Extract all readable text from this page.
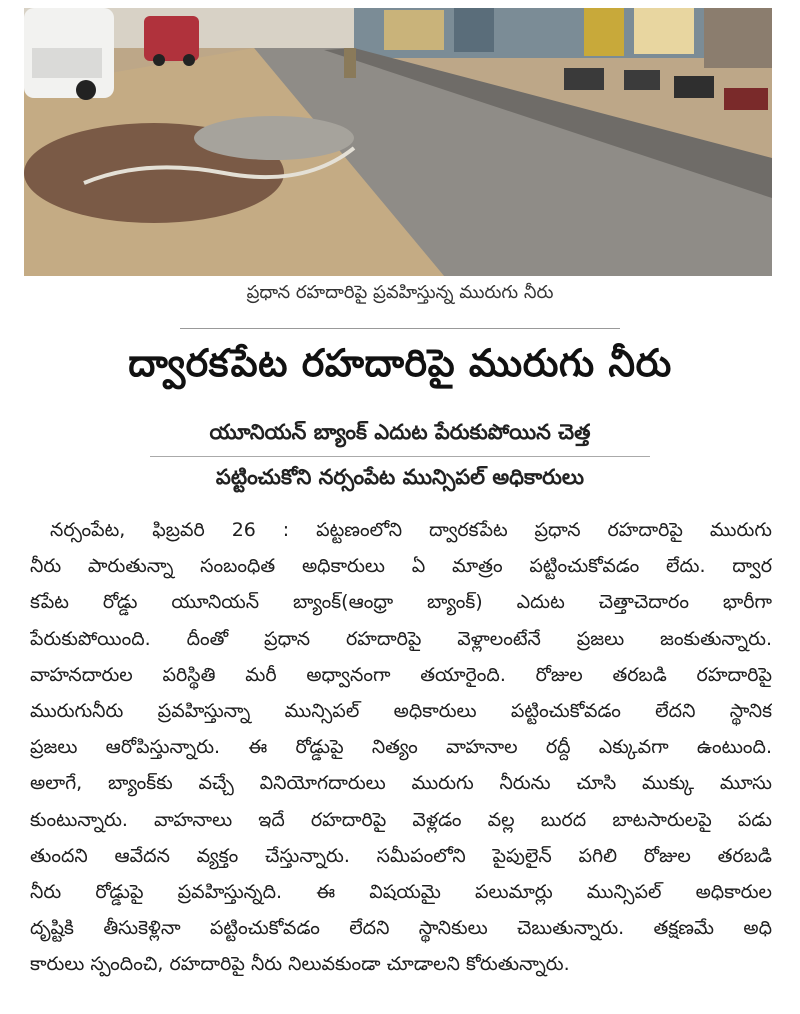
ప్రధాన రహదారిపై ప్రవహిస్తున్న మురుగు నీరు
ద్వారకపేట రహదారిపై మురుగు నీరు
యూనియన్ బ్యాంక్ ఎదుట పేరుకుపోయిన చెత్త
పట్టించుకోని నర్సంపేట మున్సిపల్ అధికారులు
నర్సంపేట, ఫిబ్రవరి 26 : పట్టణంలోని ద్వారకపేట ప్రధాన రహదారిపై మురుగు
నీరు పారుతున్నా సంబంధిత అధికారులు ఏ మాత్రం పట్టించుకోవడం లేదు. ద్వార
కపేట రోడ్డు యూనియన్ బ్యాంక్(ఆంధ్రా బ్యాంక్) ఎదుట చెత్తాచెదారం భారీగా
పేరుకుపోయింది. దీంతో ప్రధాన రహదారిపై వెళ్లాలంటేనే ప్రజలు జంకుతున్నారు.
వాహనదారుల పరిస్థితి మరీ అధ్వానంగా తయారైంది. రోజుల తరబడి రహదారిపై
మురుగునీరు ప్రవహిస్తున్నా మున్సిపల్ అధికారులు పట్టించుకోవడం లేదని స్థానిక
ప్రజలు ఆరోపిస్తున్నారు. ఈ రోడ్డుపై నిత్యం వాహనాల రద్దీ ఎక్కువగా ఉంటుంది.
అలాగే, బ్యాంక్‌కు వచ్చే వినియోగదారులు మురుగు నీరును చూసి ముక్కు మూసు
కుంటున్నారు. వాహనాలు ఇదే రహదారిపై వెళ్లడం వల్ల బురద బాటసారులపై పడు
తుందని ఆవేదన వ్యక్తం చేస్తున్నారు. సమీపంలోని పైపులైన్ పగిలి రోజుల తరబడి
నీరు రోడ్డుపై ప్రవహిస్తున్నది. ఈ విషయమై పలుమార్లు మున్సిపల్ అధికారుల
దృష్టికి తీసుకెళ్లినా పట్టించుకోవడం లేదని స్థానికులు చెబుతున్నారు. తక్షణమే అధి
కారులు స్పందించి, రహదారిపై నీరు నిలువకుండా చూడాలని కోరుతున్నారు.
